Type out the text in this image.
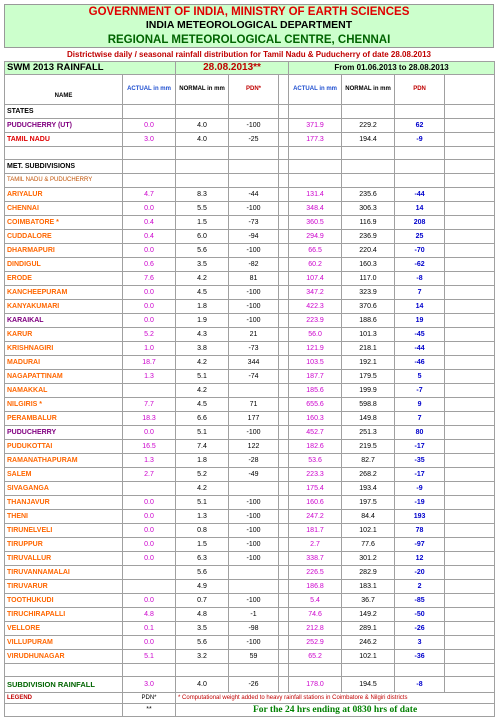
GOVERNMENT OF INDIA, MINISTRY OF EARTH SCIENCES
INDIA METEOROLOGICAL DEPARTMENT
REGIONAL METEOROLOGICAL CENTRE, CHENNAI
Districtwise daily / seasonal rainfall distribution for Tamil Nadu & Puducherry of date 28.08.2013
SWM 2013 RAINFALL		28.08.2013**			From 01.06.2013 to 28.08.2013			
NAME	ACTUAL in mm	NORMAL in mm	PDN*		ACTUAL in mm	NORMAL in mm	PDN	
STATES								
PUDUCHERRY (UT)	0.0	4.0	-100		371.9	229.2	62	
TAMIL NADU	3.0	4.0	-25		177.3	194.4	-9	

MET. SUBDIVISIONS								
TAMIL NADU & PUDUCHERRY								
ARIYALUR	4.7	8.3	-44		131.4	235.6	-44	
CHENNAI	0.0	5.5	-100		348.4	306.3	14	
COIMBATORE *	0.4	1.5	-73		360.5	116.9	208	
CUDDALORE	0.4	6.0	-94		294.9	236.9	25	
DHARMAPURI	0.0	5.6	-100		66.5	220.4	-70	
DINDIGUL	0.6	3.5	-82		60.2	160.3	-62	
ERODE	7.6	4.2	81		107.4	117.0	-8	
KANCHEEPURAM	0.0	4.5	-100		347.2	323.9	7	
KANYAKUMARI	0.0	1.8	-100		422.3	370.6	14	
KARAIKAL	0.0	1.9	-100		223.9	188.6	19	
KARUR	5.2	4.3	21		56.0	101.3	-45	
KRISHNAGIRI	1.0	3.8	-73		121.9	218.1	-44	
MADURAI	18.7	4.2	344		103.5	192.1	-46	
NAGAPATTINAM	1.3	5.1	-74		187.7	179.5	5	
NAMAKKAL		4.2			185.6	199.9	-7	
NILGIRIS *	7.7	4.5	71		655.6	598.8	9	
PERAMBALUR	18.3	6.6	177		160.3	149.8	7	
PUDUCHERRY	0.0	5.1	-100		452.7	251.3	80	
PUDUKOTTAI	16.5	7.4	122		182.6	219.5	-17	
RAMANATHAPURAM	1.3	1.8	-28		53.6	82.7	-35	
SALEM	2.7	5.2	-49		223.3	268.2	-17	
SIVAGANGA		4.2			175.4	193.4	-9	
THANJAVUR	0.0	5.1	-100		160.6	197.5	-19	
THENI	0.0	1.3	-100		247.2	84.4	193	
TIRUNELVELI	0.0	0.8	-100		181.7	102.1	78	
TIRUPPUR	0.0	1.5	-100		2.7	77.6	-97	
TIRUVALLUR	0.0	6.3	-100		338.7	301.2	12	
TIRUVANNAMALAI		5.6			226.5	282.9	-20	
TIRUVARUR		4.9			186.8	183.1	2	
TOOTHUKUDI	0.0	0.7	-100		5.4	36.7	-85	
TIRUCHIRAPALLI	4.8	4.8	-1		74.6	149.2	-50	
VELLORE	0.1	3.5	-98		212.8	289.1	-26	
VILLUPURAM	0.0	5.6	-100		252.9	246.2	3	
VIRUDHUNAGAR	5.1	3.2	59		65.2	102.1	-36	

SUBDIVISION RAINFALL	3.0	4.0	-26		178.0	194.5	-8	
LEGEND	PDN*	* Computational weight added to heavy rainfall stations in Coimbatore & Nilgiri districts						
	**	For the 24 hrs ending at 0830 hrs of date						
